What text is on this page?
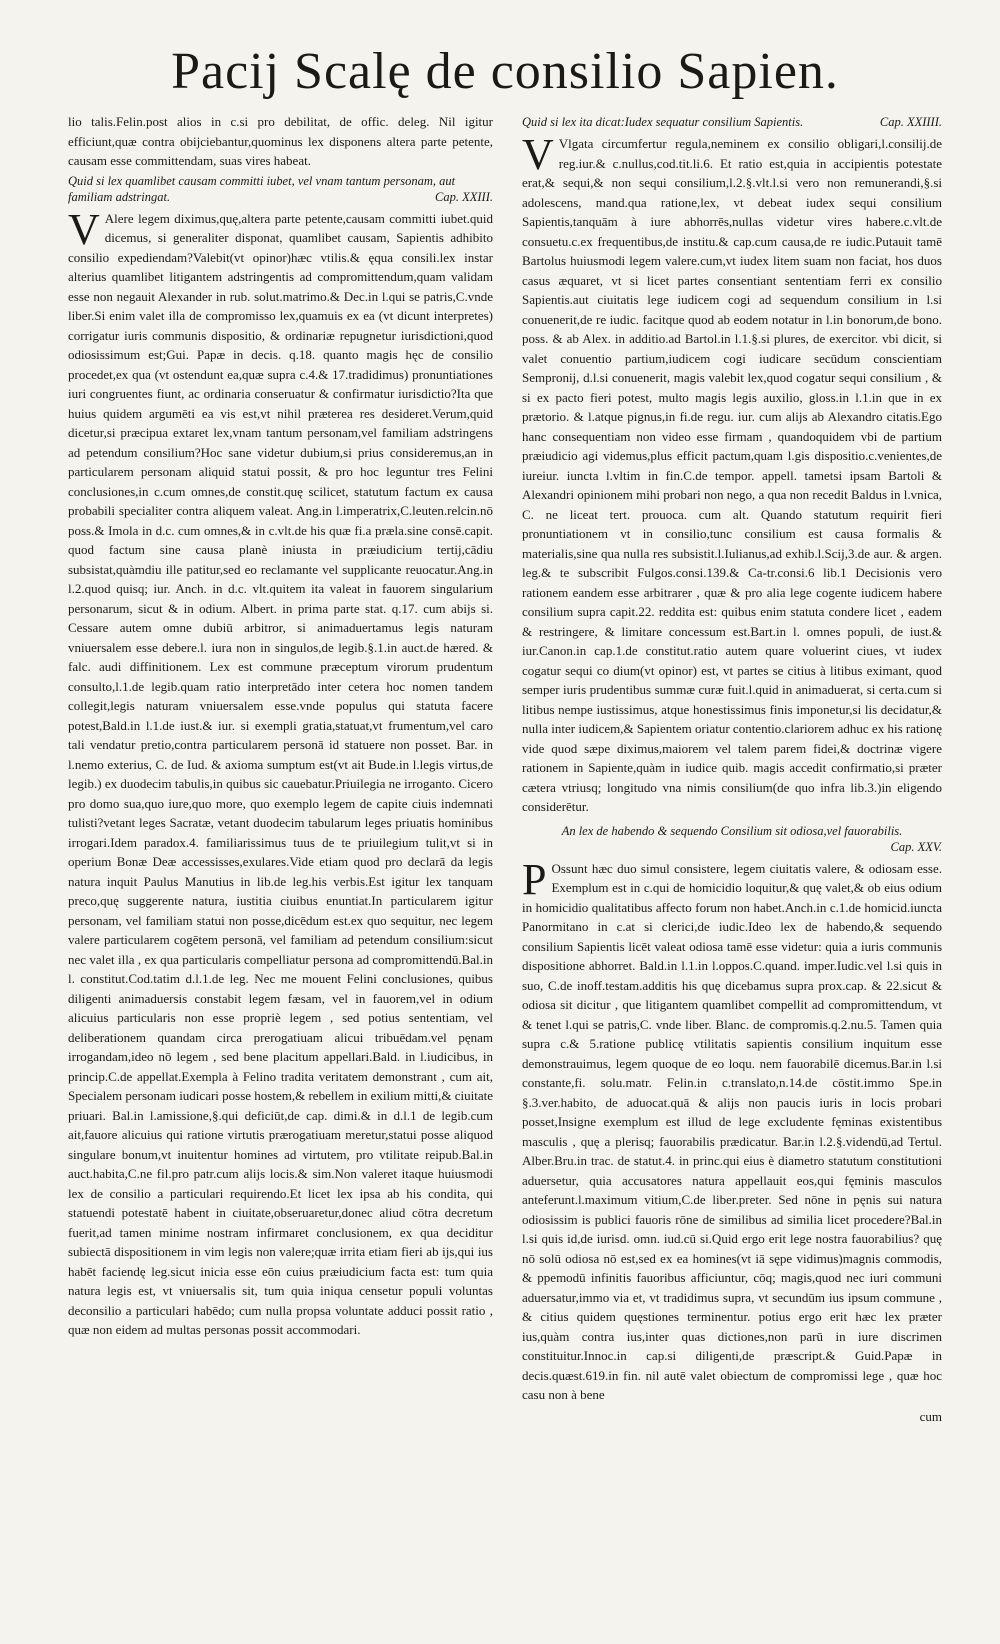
Pacij Scalę de consilio Sapien.

lio talis.Felin.post alios in c.si pro debilitat, de offic. deleg. Nil igitur efficiunt,quæ contra obijciebantur,quominus lex disponens altera parte petente, causam esse committendam, suas vires habeat.

Quid si lex quamlibet causam committi iubet, vel vnam tantum personam, aut familiam adstringat.	Cap. XXIII.

V Alere legem diximus,quę,altera parte petente,causam committi iubet.quid dicemus, si generaliter disponat, quamlibet causam, Sapientis adhibito consilio expediendam?Valebit(vt opinor)hæc vtilis.& ęqua consili.lex instar alterius quamlibet litigantem adstringentis ad compromittendum,quam validam esse non negauit Alexander in rub. solut.matrimo.& Dec.in l.qui se patris,C.vnde liber.Si enim valet illa de compromisso lex,quamuis ex ea (vt dicunt interpretes) corrigatur iuris communis dispositio, & ordinariæ repugnetur iurisdictioni,quod odiosissimum est;Gui. Papæ in decis. q.18. quanto magis hęc de consilio procedet,ex qua (vt ostendunt ea,quæ supra c.4.& 17.tradidimus) pronuntiationes iuri congruentes fiunt, ac ordinaria conseruatur & confirmatur iurisdictio?Ita que huius quidem argumēti ea vis est,vt nihil præterea res desideret.Verum,quid dicetur,si præcipua extaret lex,vnam tantum personam,vel familiam adstringens ad petendum consilium?Hoc sane videtur dubium,si prius consideremus,an in particularem personam aliquid statui possit, & pro hoc leguntur tres Felini conclusiones,in c.cum omnes,de constit.quę scilicet, statutum factum ex causa probabili specialiter contra aliquem valeat. Ang.in l.imperatrix,C.leuten.relcin.nō poss.& Imola in d.c. cum omnes,& in c.vlt.de his quæ fi.a præla.sine consē.capit. quod factum sine causa planè iniusta in præiudicium tertij,cādiu subsistat,quàmdiu ille patitur,sed eo reclamante vel supplicante reuocatur.Ang.in l.2.quod quisq; iur. Anch. in d.c. vlt.quitem ita valeat in fauorem singularium personarum, sicut & in odium. Albert. in prima parte stat. q.17. cum abijs si. Cessare autem omne dubiū arbitror, si animaduertamus legis naturam vniuersalem esse debere.l. iura non in singulos,de legib.§.1.in auct.de hæred. & falc. audi diffinitionem. Lex est commune præceptum virorum prudentum consultο,l.1.de legib.quam ratio interpretādo inter cetera hoc nomen tandem collegit,legis naturam vniuersalem esse.vnde populus qui statuta facere potest,Bald.in l.1.de iust.& iur. si exempli gratia,statuat,vt frumentum,vel caro tali vendatur pretio,contra particularem personā id statuere non posset. Bar. in l.nemo exterius, C. de Iud. & axioma sumptum est(vt ait Bude.in l.legis virtus,de legib.) ex duodecim tabulis,in quibus sic cauebatur.Priuilegia ne irroganto. Cicero pro domo sua,quo iure,quo more, quo exemplo legem de capite ciuis indemnati tulisti?vetant leges Sacratæ, vetant duodecim tabularum leges priuatis hominibus irrogari.Idem paradox.4. familiarissimus tuus de te priuilegium tulit,vt si in operium Bonæ Deæ accessisses,exulares.Vide etiam quod pro declarā da legis natura inquit Paulus Manutius in lib.de leg.his verbis.Est igitur lex tanquam preco,quę suggerente natura, iustitia ciuibus enuntiat.In particularem igitur personam, vel familiam statui non posse,dicēdum est.ex quo sequitur, nec legem valere particularem cogētem personā, vel familiam ad petendum consilium:sicut nec valet illa , ex qua particularis compelliatur persona ad compromittendū.Bal.in l. constitut.Cod.tatim d.l.1.de leg. Nec me mouent Felini conclusiones, quibus diligenti animaduersis constabit legem fæsam, vel in fauorem,vel in odium alicuius particularis non esse propriè legem , sed potius sententiam, vel deliberationem quandam circa prerogatiuam alicui tribuēdam.vel pęnam irrogandam,ideo nō legem , sed bene placitum appellari.Bald. in l.iudicibus, in princip.C.de appellat.Exempla à Felino tradita veritatem demonstrant , cum ait, Specialem personam iudicari posse hostem,& rebellem in exilium mitti,& ciuitate priuari. Bal.in l.amissione,§.qui deficiūt,de cap. dimi.& in d.l.1 de legib.cum ait,fauore alicuius qui ratione virtutis prærogatiuam meretur,statui posse aliquod singulare bonum,vt inuitentur homines ad virtutem, pro vtilitate reipub.Bal.in auct.habita,C.ne fil.pro patr.cum alijs locis.& sim.Non valeret itaque huiusmodi lex de consilio a particulari requirendo.Et licet lex ipsa ab his condita, qui statuendi potestatē habent in ciuitate,obseruaretur,donec aliud cōtra decretum fuerit,ad tamen minime nostram infirmaret conclusionem, ex qua deciditur subiectā dispositionem in vim legis non valere;quæ irrita etiam fieri ab ijs,qui ius habēt faciendę leg.sicut inicia esse eōn cuius præiudicium facta est: tum quia natura legis est, vt vniuersalis sit, tum quia iniqua censetur populi voluntas deconsilio a particulari habēdo; cum nulla propsa voluntate adduci possit ratio , quæ non eidem ad multas personas possit accommodari.

Quid si lex ita dicat:Iudex sequatur consilium Sapientis.	Cap. XXIIII.

V Vlgata circumfertur regula,neminem ex consilio obligari,l.consilij.de reg.iur.& c.nullus,cod.tit.li.6. Et ratio est,quia in accipientis potestate erat,& sequi,& non sequi consilium,l.2.§.vlt.l.si vero non remunerandi,§.si adolescens, mand.qua ratione,lex, vt debeat iudex sequi consilium Sapientis,tanquām à iure abhorrēs,nullas videtur vires habere.c.vlt.de consuetu.c.ex frequentibus,de institu.& cap.cum causa,de re iudic.Putauit tamē Bartolus huiusmodi legem valere.cum,vt iudex litem suam non faciat, hos duos casus æquaret, vt si licet partes consentiant sententiam ferri ex consilio Sapientis.aut ciuitatis lege iudicem cogi ad sequendum consilium in l.si conuenerit,de re iudic. facitque quod ab eodem notatur in l.in bonorum,de bono. poss. & ab Alex. in additio.ad Bartol.in l.1.§.si plures, de exercitor. vbi dicit, si valet conuentio partium,iudicem cogi iudicare secūdum conscientiam Sempronij, d.l.si conuenerit, magis valebit lex,quod cogatur sequi consilium , & si ex pacto fieri potest, multo magis legis auxilio, gloss.in l.1.in que in ex prætorio. & l.atque pignus,in fi.de regu. iur. cum alijs ab Alexandro citatis.Ego hanc consequentiam non video esse firmam , quandoquidem vbi de partium præiudicio agi videmus,plus efficit pactum,quam l.gis dispositio.c.venientes,de iureiur. iuncta l.vltim in fin.C.de tempor. appell. tametsi ipsam Bartoli & Alexandri opinionem mihi probari non nego, a qua non recedit Baldus in l.vnica, C. ne liceat tert. prouoca. cum alt. Quando statutum requirit fieri pronuntiationem vt in consilio,tunc consilium est causa formalis & materialis,sine qua nulla res subsistit.l.Iulianus,ad exhib.l.Scij,3.de aur. & argen. leg.& te subscribit Fulgos.consi.139.& Ca-tr.consi.6 lib.1 Decisionis vero rationem eandem esse arbitrarer , quæ & pro alia lege cogente iudicem habere consilium supra capit.22. reddita est: quibus enim statuta condere licet , eadem & restringere, & limitare concessum est.Bart.in l. omnes populi, de iust.& iur.Canon.in cap.1.de constitut.ratio autem quare voluerint ciues, vt iudex cogatur sequi co dium(vt opinor) est, vt partes se citius à litibus eximant, quod semper iuris prudentibus summæ curæ fuit.l.quid in animaduerat, si certa.cum si litibus nempe iustissimus, atque honestissimus finis imponetur,si lis decidatur,& nulla inter iudicem,& Sapientem oriatur contentio.clariorem adhuc ex his rationę vide quod sæpe diximus,maiorem vel talem parem fidei,& doctrinæ vigere rationem in Sapiente,quàm in iudice quib. magis accedit confirmatio,si præter cætera vtriusq; longitudo vna nimis consilium(de quo infra lib.3.)in eligendo considerētur.

An lex de habendo & sequendo Consilium sit odiosa,vel fauorabilis.
Cap. XXV.

P Ossunt hæc duo simul consistere, legem ciuitatis valere, & odiosam esse. Exemplum est in c.qui de homicidio loquitur,& quę valet,& ob eius odium in homicidio qualitatibus affecto forum non habet.Anch.in c.1.de homicid.iuncta Panormitano in c.at si clerici,de iudic.Ideo lex de habendo,& sequendo consilium Sapientis licēt valeat odiosa tamē esse videtur: quia a iuris communis dispositione abhorret. Bald.in l.1.in l.oppos.C.quand. imper.Iudic.vel l.si quis in suo, C.de inoff.testam.additis his quę dicebamus supra prox.cap. & 22.sicut & odiosa sit dicitur , que litigantem quamlibet compellit ad compromittendum, vt & tenet l.qui se patris,C. vnde liber. Blanc. de compromis.q.2.nu.5. Tamen quia supra c.& 5.ratione publicę vtilitatis sapientis consilium inquitum esse demonstrauimus, legem quoque de eo loqu. nem fauorabilē dicemus.Bar.in l.si constante,fi. solu.matr. Felin.in c.translato,n.14.de cōstit.immo Spe.in §.3.ver.habito, de aduocat.quā & alijs non paucis iuris in locis probari posset,Insigne exemplum est illud de lege excludente fęminas existentibus masculis , quę a plerisq; fauorabilis prædicatur. Bar.in l.2.§.videndū,ad Tertul. Alber.Bru.in trac. de statut.4. in princ.qui eius è diametro statutum constitutioni aduersetur, quia accusatores natura appellauit eos,qui fęminis masculos anteferunt.l.maximum vitium,C.de liber.preter. Sed nōne in pęnis sui natura odiosissim is publici fauoris rōne de similibus ad similia licet procedere?Bal.in l.si quis id,de iurisd. omn. iud.cū si.Quid ergo erit lege nostra fauorabilius? quę nō solū odiosa nō est,sed ex ea homines(vt iā sępe vidimus)magnis commodis, & ppemodū infinitis fauoribus afficiuntur, cōq; magis,quod nec iuri communi aduersatur,immo via et, vt tradidimus supra, vt secundūm ius ipsum commune , & citius quidem quęstiones terminentur. potius ergo erit hæc lex præter ius,quàm contra ius,inter quas dictiones,non parū in iure discrimen constituitur.Innoc.in cap.si diligenti,de præscript.& Guid.Papæ in decis.quæst.619.in fin. nil autē valet obiectum de compromissi lege , quæ hoc casu non à bene

cum
